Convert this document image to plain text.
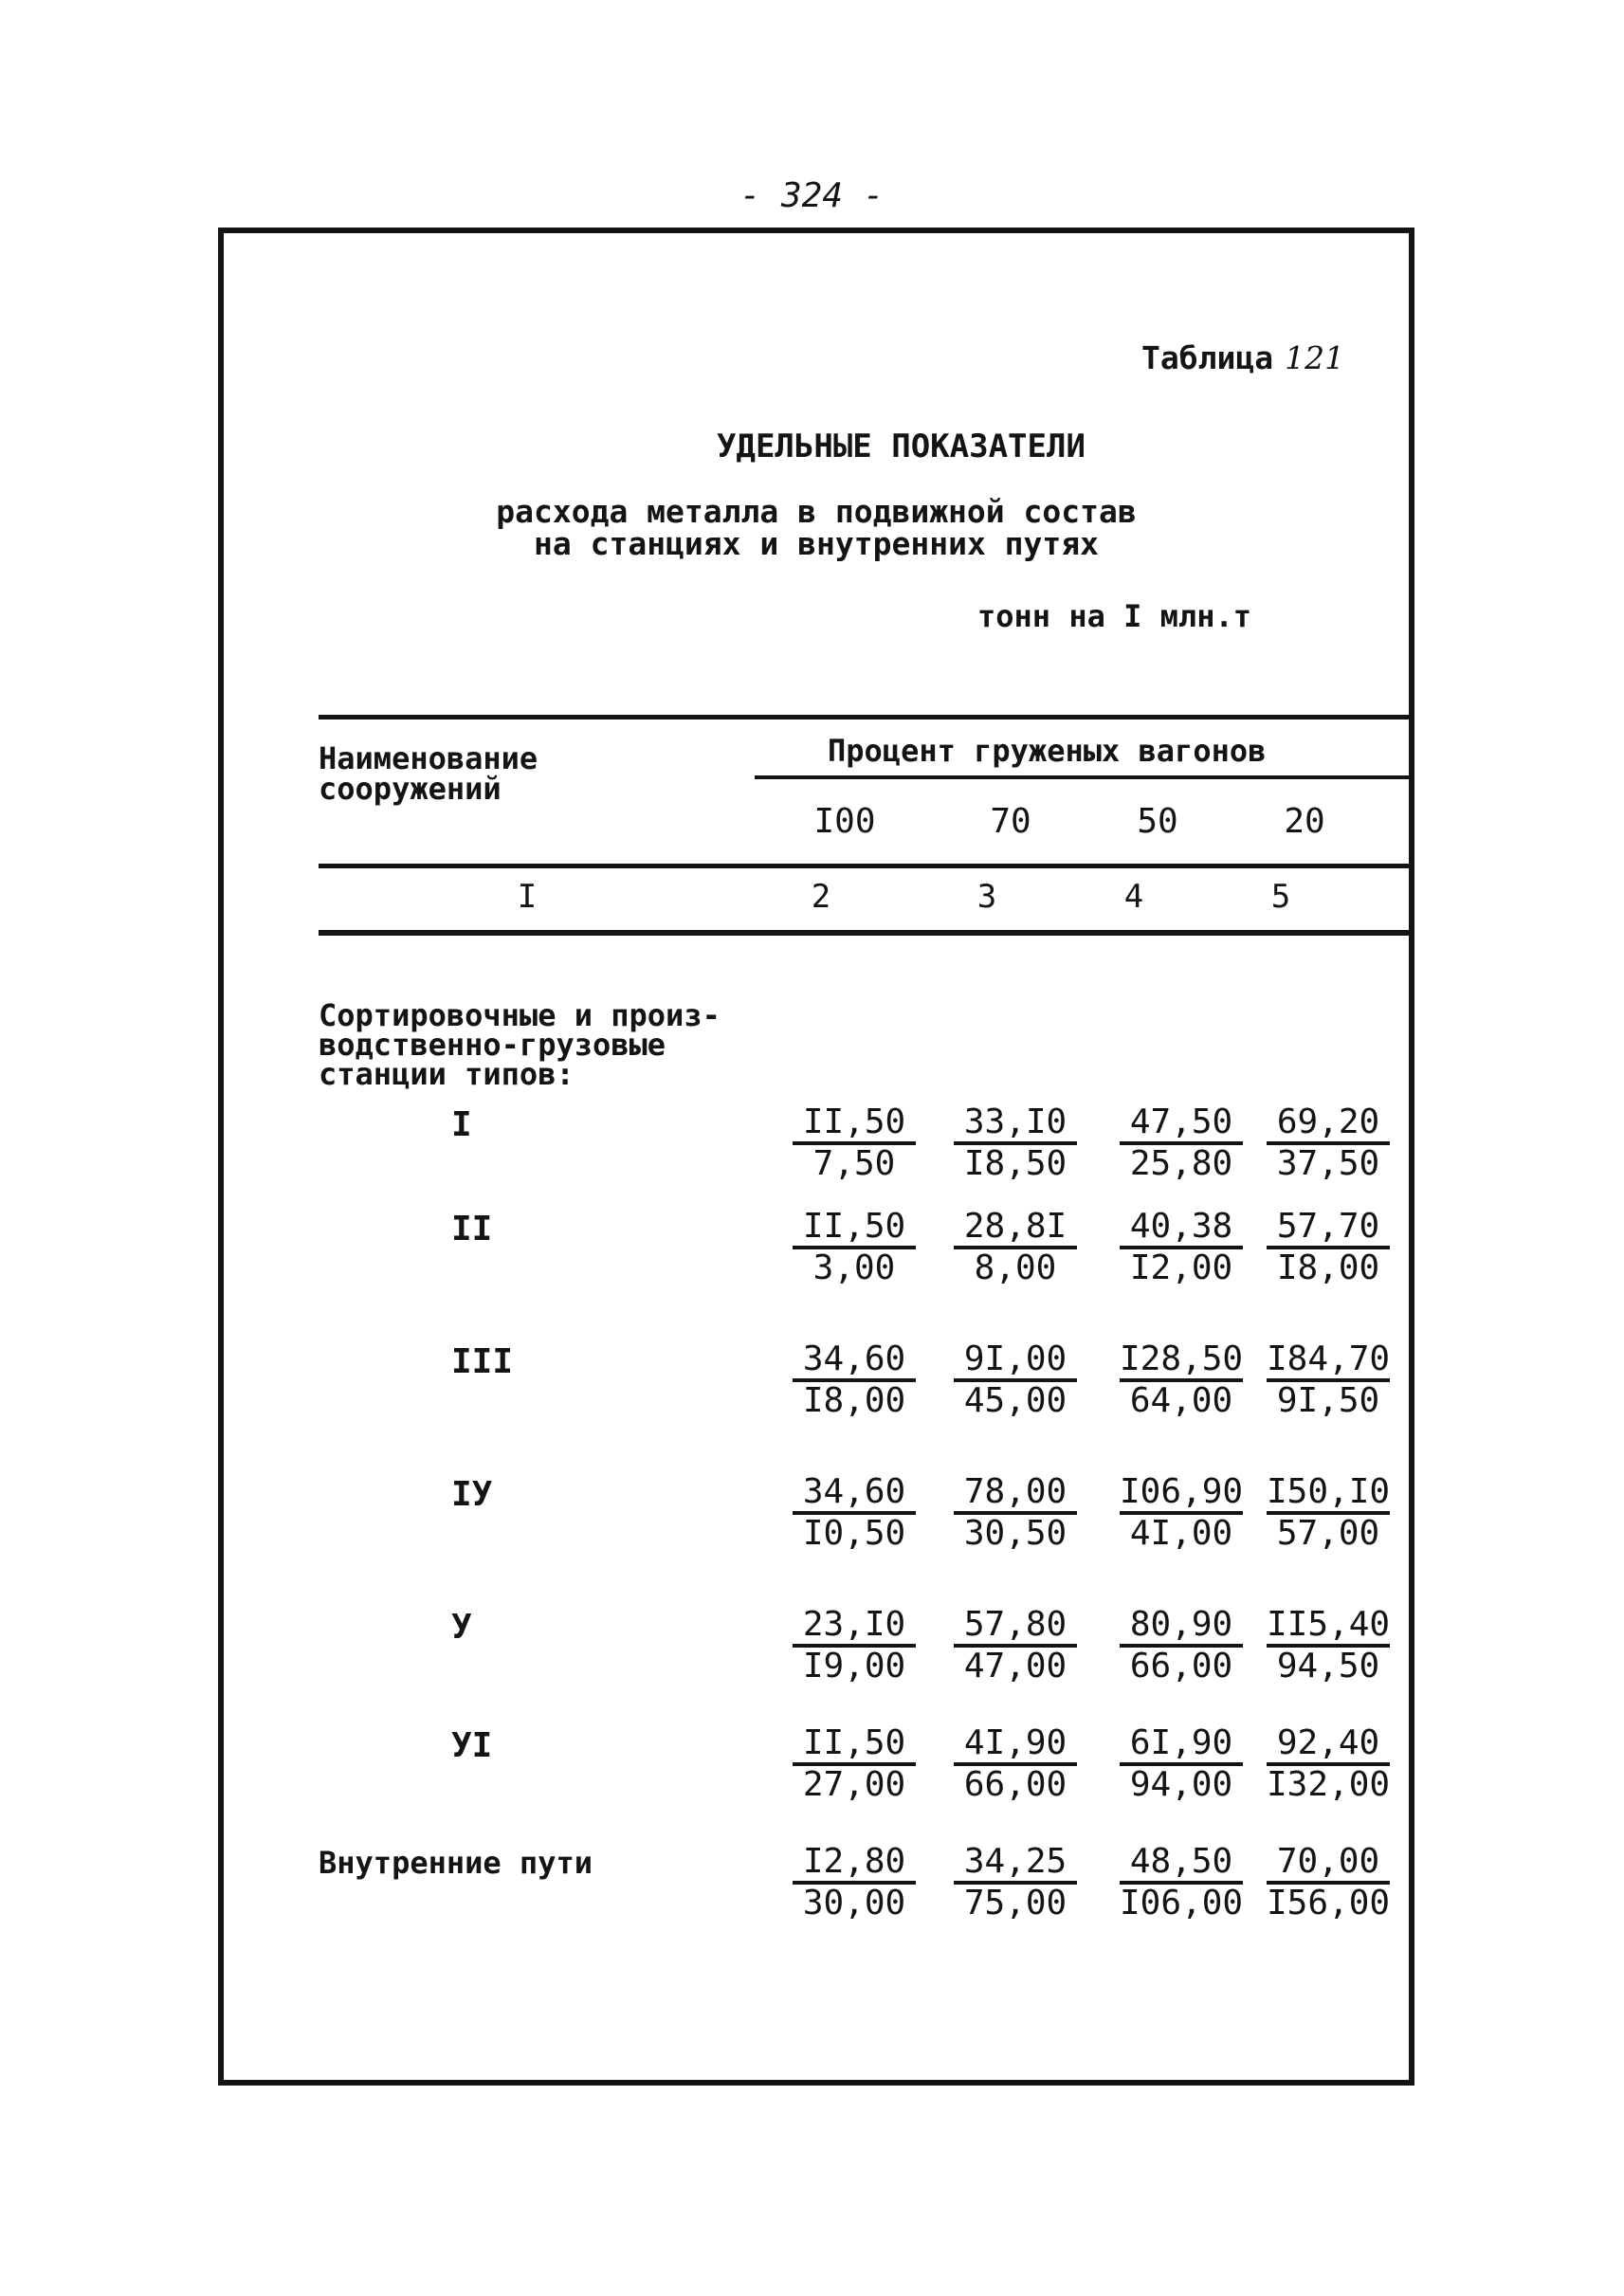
- 324 -
Таблица 121
УДЕЛЬНЫЕ ПОКАЗАТЕЛИ
расхода металла в подвижной состав на станциях и внутренних путях
тонн на I млн.т
Наименование сооружений
Процент груженых вагонов
I00	70	50	20
I	2	3	4	5
Сортировочные и произ-водственно-грузовые станции типов:
I	$\frac{II,50}{7,50} \frac{33,I0}{I8,50} \frac{47,50}{25,80} \frac{69,20}{37,50}$
II	$\frac{II,50}{3,00} \frac{28,8I}{8,00} \frac{40,38}{I2,00} \frac{57,70}{I8,00}$
III	$\frac{34,60}{I8,00} \frac{9I,00}{45,00} \frac{I28,50}{64,00} \frac{I84,70}{9I,50}$
IУ	$\frac{34,60}{I0,50} \frac{78,00}{30,50} \frac{I06,90}{4I,00} \frac{I50,I0}{57,00}$
У	$\frac{23,I0}{I9,00} \frac{57,80}{47,00} \frac{80,90}{66,00} \frac{II5,40}{94,50}$
УI	$\frac{II,50}{27,00} \frac{4I,90}{66,00} \frac{6I,90}{94,00} \frac{92,40}{I32,00}$
Внутренние пути	$\frac{I2,80}{30,00} \frac{34,25}{75,00} \frac{48,50}{I06,00} \frac{70,00}{I56,00}$
